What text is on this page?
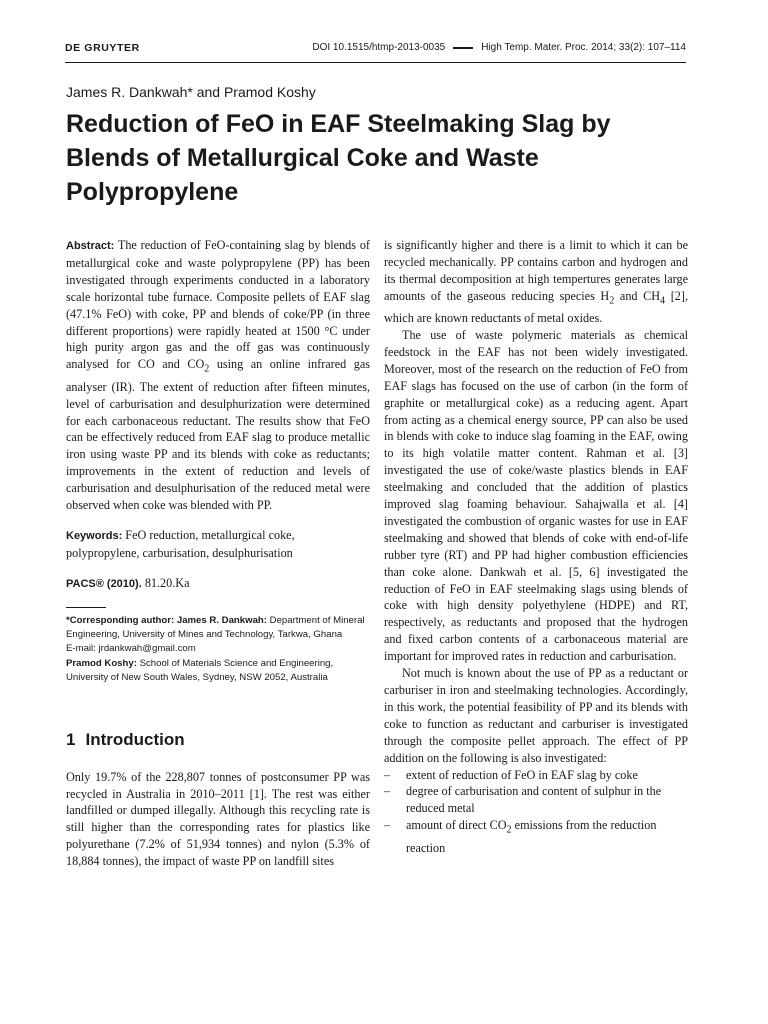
DE GRUYTER	DOI 10.1515/htmp-2013-0035	High Temp. Mater. Proc. 2014; 33(2): 107–114
James R. Dankwah* and Pramod Koshy
Reduction of FeO in EAF Steelmaking Slag by Blends of Metallurgical Coke and Waste Polypropylene

Abstract: The reduction of FeO-containing slag by blends of metallurgical coke and waste polypropylene (PP) has been investigated through experiments conducted in a laboratory scale horizontal tube furnace. Composite pellets of EAF slag (47.1% FeO) with coke, PP and blends of coke/PP (in three different proportions) were rapidly heated at 1500 °C under high purity argon gas and the off gas was continuously analysed for CO and $CO_2$ using an online infrared gas analyser (IR). The extent of reduction after fifteen minutes, level of carburisation and desulphurization were determined for each carbonaceous reductant. The results show that FeO can be effectively reduced from EAF slag to produce metallic iron using waste PP and its blends with coke as reductants; improvements in the extent of reduction and levels of carburisation and desulphurisation of the reduced metal were observed when coke was blended with PP.

Keywords: FeO reduction, metallurgical coke, polypropylene, carburisation, desulphurisation

PACS® (2010). 81.20.Ka

*Corresponding author: James R. Dankwah: Department of Mineral Engineering, University of Mines and Technology, Tarkwa, Ghana
E-mail: jrdankwah@gmail.com
Pramod Koshy: School of Materials Science and Engineering, University of New South Wales, Sydney, NSW 2052, Australia

1 Introduction

Only 19.7% of the 228,807 tonnes of postconsumer PP was recycled in Australia in 2010–2011 [1]. The rest was either landfilled or dumped illegally. Although this recycling rate is still higher than the corresponding rates for plastics like polyurethane (7.2% of 51,934 tonnes) and nylon (5.3% of 18,884 tonnes), the impact of waste PP on landfill sites

is significantly higher and there is a limit to which it can be recycled mechanically. PP contains carbon and hydrogen and its thermal decomposition at high tempertures generates large amounts of the gaseous reducing species $H_2$ and $CH_4$ [2], which are known reductants of metal oxides.

The use of waste polymeric materials as chemical feedstock in the EAF has not been widely investigated. Moreover, most of the research on the reduction of FeO from EAF slags has focused on the use of carbon (in the form of graphite or metallurgical coke) as a reducing agent. Apart from acting as a chemical energy source, PP can also be used in blends with coke to induce slag foaming in the EAF, owing to its high volatile matter content. Rahman et al. [3] investigated the use of coke/waste plastics blends in EAF steelmaking and concluded that the addition of plastics improved slag foaming behaviour. Sahajwalla et al. [4] investigated the combustion of organic wastes for use in EAF steelmaking and showed that blends of coke with end-of-life rubber tyre (RT) and PP had higher combustion efficiencies than coke alone. Dankwah et al. [5, 6] investigated the reduction of FeO in EAF steelmaking slags using blends of coke with high density polyethylene (HDPE) and RT, respectively, as reductants and proposed that the hydrogen and fixed carbon contents of a carbonaceous material are important for improved rates in reduction and carburisation.

Not much is known about the use of PP as a reductant or carburiser in iron and steelmaking technologies. Accordingly, in this work, the potential feasibility of PP and its blends with coke to function as reductant and carburiser is investigated through the composite pellet approach. The effect of PP addition on the following is also investigated:

– extent of reduction of FeO in EAF slag by coke
– degree of carburisation and content of sulphur in the reduced metal
– amount of direct $CO_2$ emissions from the reduction reaction
